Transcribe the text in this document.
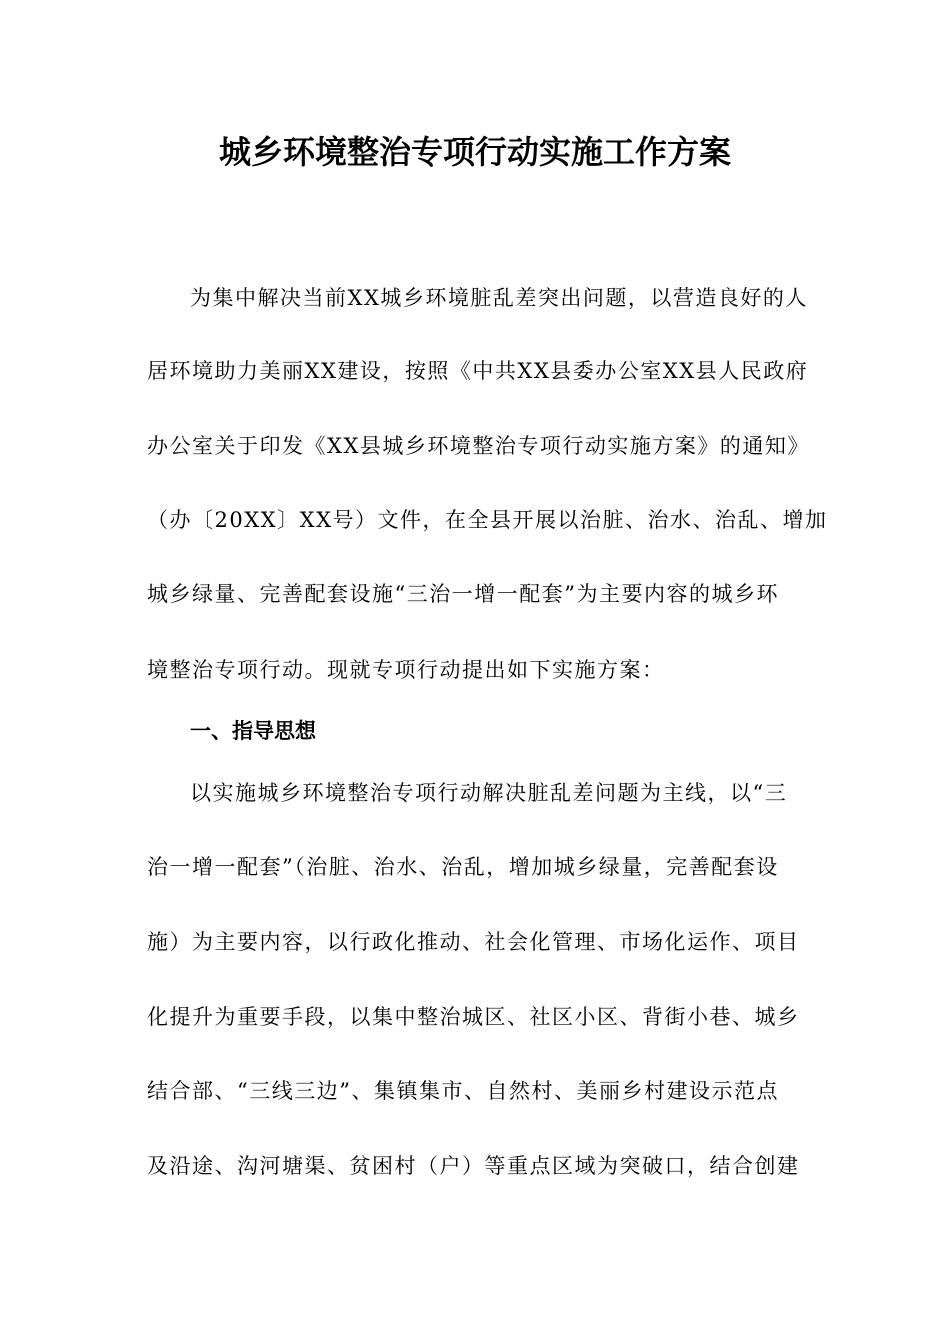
城乡环境整治专项行动实施工作方案
为集中解决当前XX城乡环境脏乱差突出问题，以营造良好的人
居环境助力美丽XX建设，按照《中共XX县委办公室XX县人民政府
办公室关于印发《XX县城乡环境整治专项行动实施方案》的通知》
（办〔20XX〕XX号）文件，在全县开展以治脏、治水、治乱、增加
城乡绿量、完善配套设施“三治一增一配套”为主要内容的城乡环
境整治专项行动。现就专项行动提出如下实施方案：
一、指导思想
以实施城乡环境整治专项行动解决脏乱差问题为主线，以“三
治一增一配套”（治脏、治水、治乱，增加城乡绿量，完善配套设
施）为主要内容，以行政化推动、社会化管理、市场化运作、项目
化提升为重要手段，以集中整治城区、社区小区、背街小巷、城乡
结合部、“三线三边”、集镇集市、自然村、美丽乡村建设示范点
及沿途、沟河塘渠、贫困村（户）等重点区域为突破口，结合创建
